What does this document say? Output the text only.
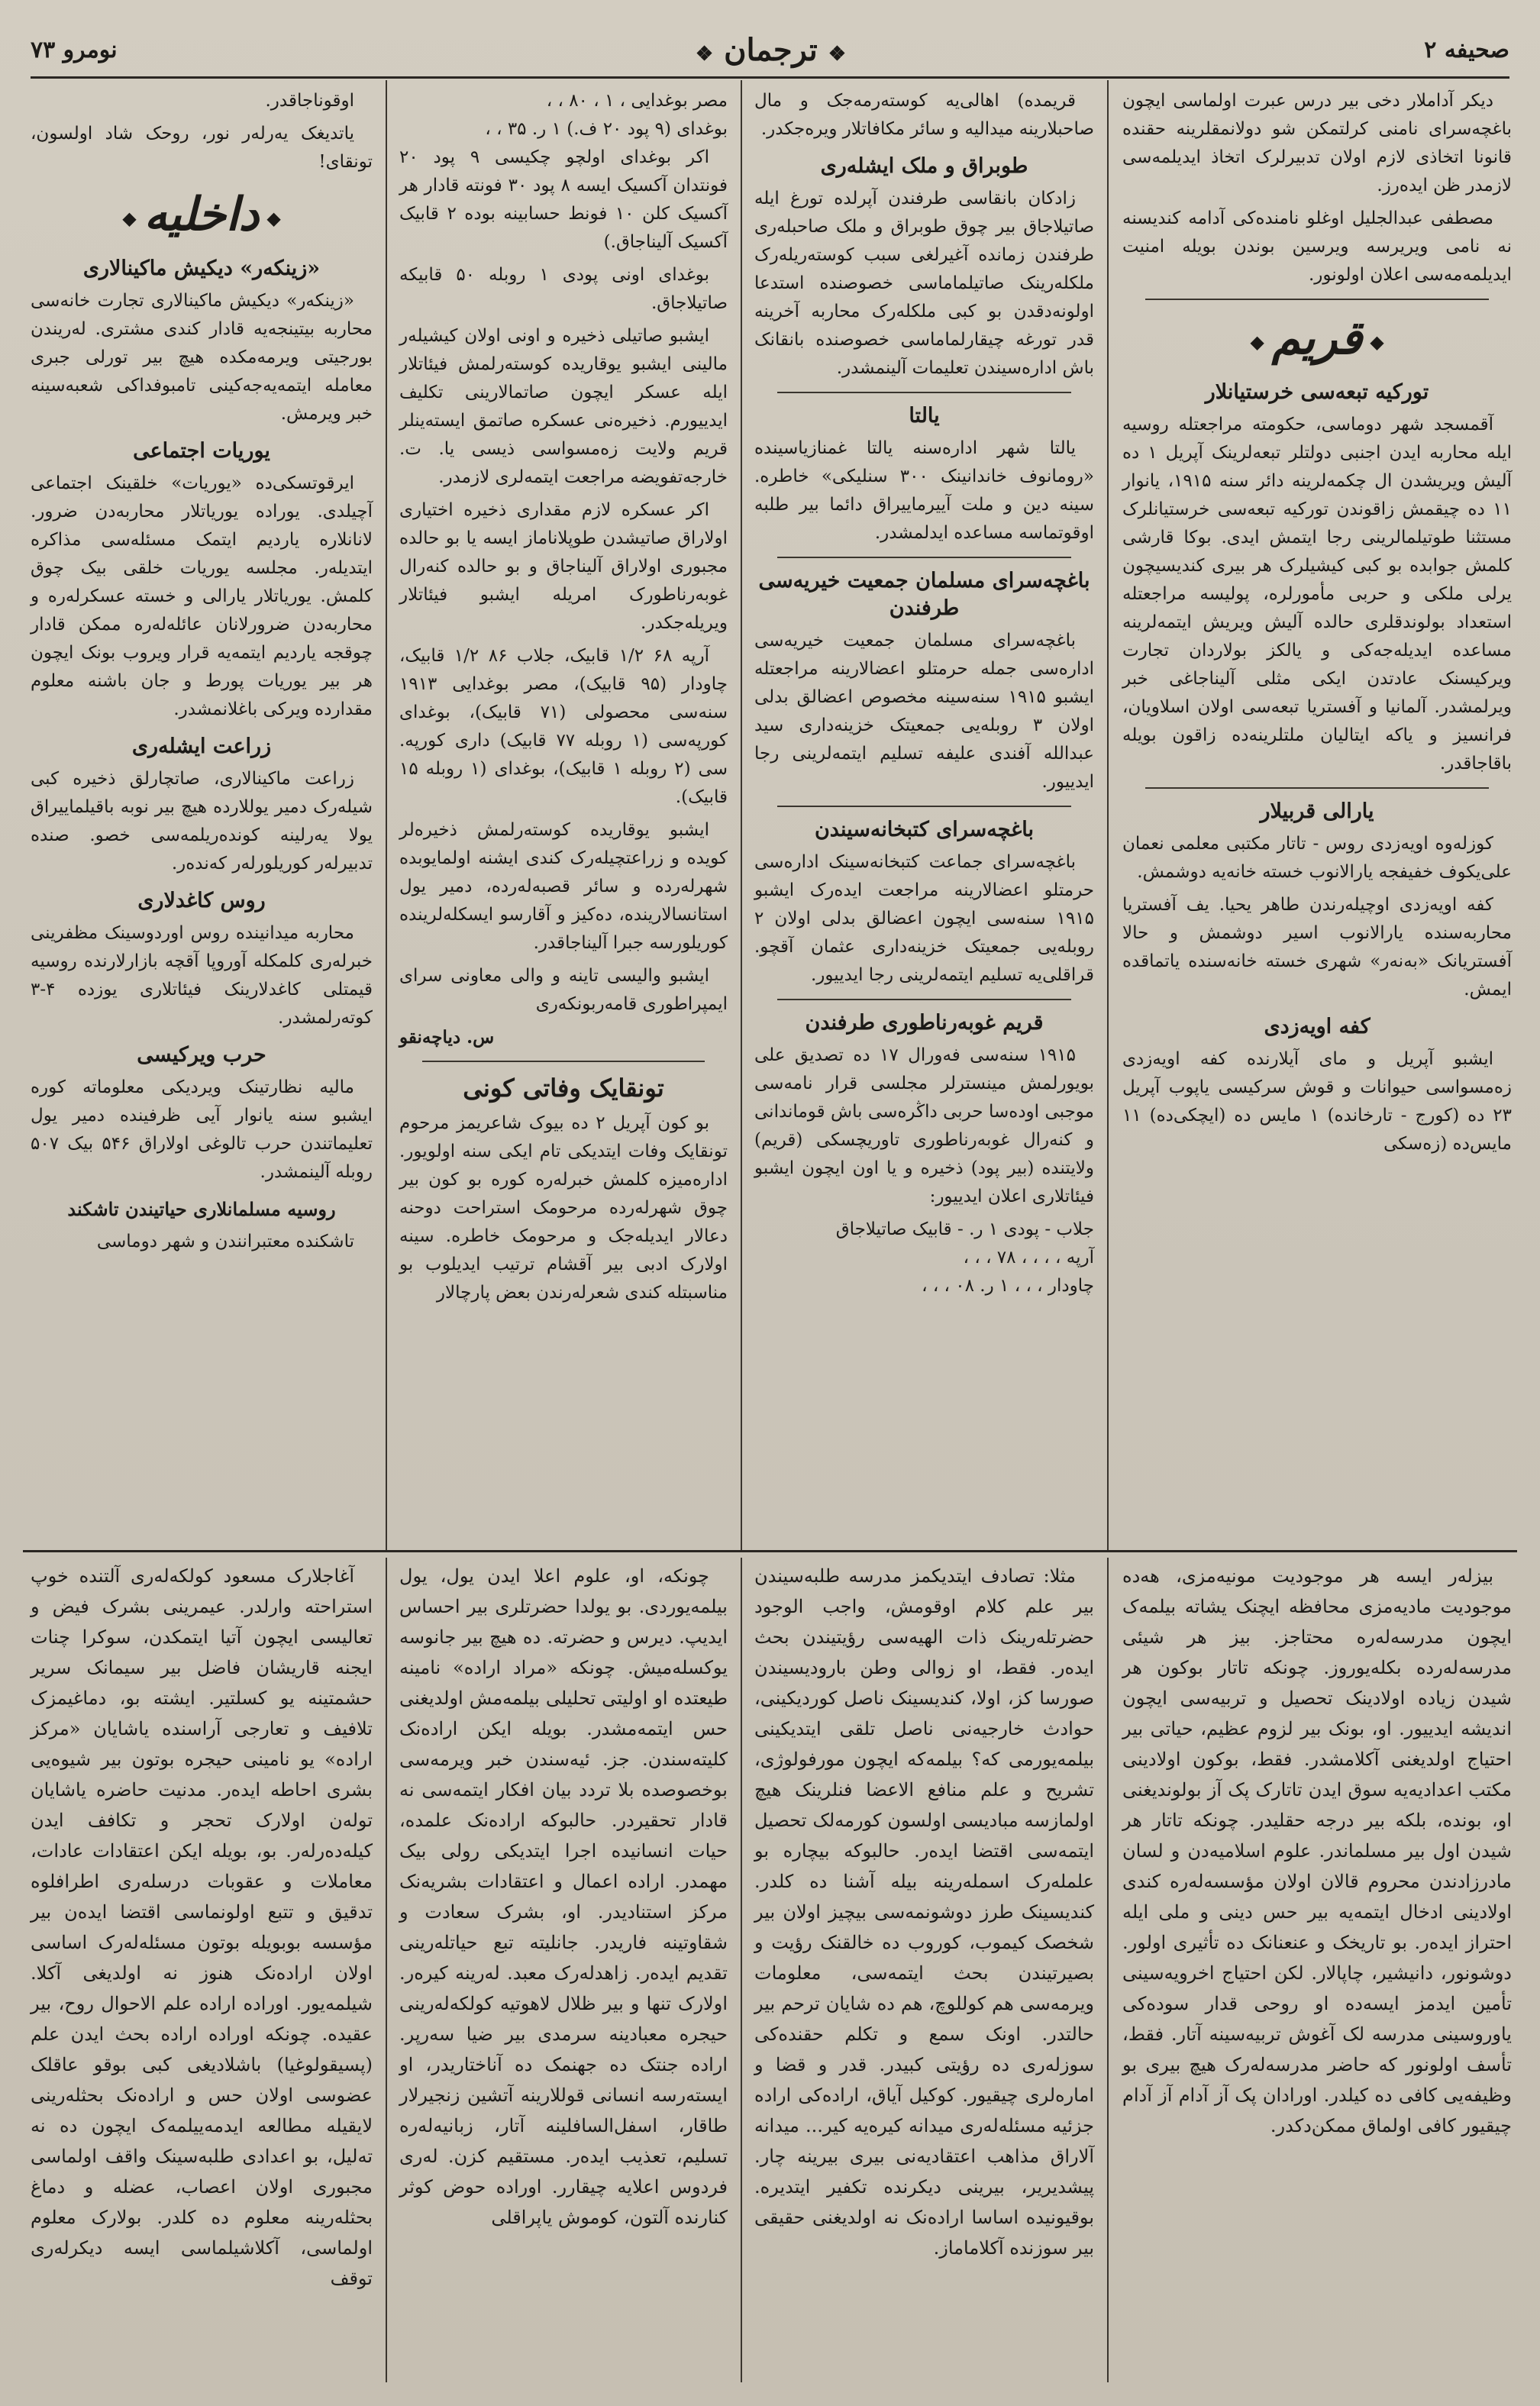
صحیفه ۲
❖ ترجمان ❖
نومرو ۷۳

دیکر آداملار دخی بیر درس عبرت اولماسی ایچون باغچه‌سرای نامنی کرلتمکن شو دولانمقلرینه حقنده قانونا اتخاذی لازم اولان تدبیرلرک اتخاذ ایدیلمه‌سی لازمدر ظن ایدەرز.

مصطفی عبدالجلیل اوغلو نامنده‌کی آدامه کندیسنه نه نامی ویریرسه ویرسین بوندن بویله امنیت ایدیلمه‌مه‌سی اعلان اولونور.

◆ قریم ◆
تورکیه تبعه‌سی خرستیانلار

آقمسجد شهر دوماسی، حکومته مراجعتله روسیه ایله محاربه ایدن اجنبی دولتلر تبعه‌لرینک آپریل ۱ دە آلیش ویریشدن ال چکمه‌لرینه دائر سنه ۱۹۱۵، یانوار ۱۱ دە چیقمش زاقوندن تورکیه تبعه‌سی خرستیانلرک مستثنا طوتیلمالرینی رجا ایتمش ایدی. بوکا قارشی کلمش جوابده بو کبی کیشیلرک هر بیری کندیسیچون یرلی ملکی و حربی مأمورلره، پولیسه مراجعتله استعداد بولوندقلری حالده آلیش ویریش ایتمه‌لرینه مساعده ایدیله‌جه‌کی و یالکز بولاردان تجارت ویرکیسنک عادتدن ایکی مثلی آلیناجاغی خبر ویرلمشدر. آلمانیا و آفستریا تبعه‌سی اولان اسلاویان، فرانسیز و یاکه ایتالیان ملتلرینه‌ده زاقون بویله باقاجاقدر.

یارالی قربیلار

کوزلەوە اویەزدی روس - تاتار مکتبی معلمی نعمان علی‌یکوف خفیفجه یارالانوب خسته خانه‌یه دوشمش.

کفه اویەزدی اوچیلەرندن طاهر یحیا. یف آفستریا محاربه‌سنده یارالانوب اسیر دوشمش و حالا آفستریانک «بەنەر» شهری خسته خانه‌سنده یاتماقده ایمش.

کفه اویەزدی

ایشبو آپریل و مای آیلارنده کفه اویەزدی زەمسواسی حیوانات و قوش سرکیسی یاپوب آپریل ۲۳ دە (کورج - تارخانده) ۱ مایس دە (ایچکی‌دە) ۱۱ مایس‌دە (زەسکی

قریمده) اهالی‌یه کوسته‌رمەجک و مال صاحبلارینه میدالیه و سائر مکافاتلار ویرەجکدر.

طوبراق و ملک ایشلەری

زادکان بانقاسی طرفندن آپرلده تورغ ایله صاتیلاجاق بیر چوق طوبراق و ملک صاحبلەری طرفندن زمانده آغیرلغی سبب کوسته‌ریله‌رک ملکلەرینک صاتیلماماسی خصوصنده استدعا اولونەدقدن بو کبی ملکلەرک محاربه آخرینه قدر تورغه چیقارلماماسی خصوصنده بانقانک باش ادارەسیندن تعلیمات آلینمشدر.

یالتا

یالتا شهر ادارەسنه یالتا غمنازیاسینده «رومانوف خاندانینک ۳۰۰ سنلیکی» خاطرە. سینه دین و ملت آییرماییراق دائما بیر طلبه اوقوتماسه مساعده ایدلمشدر.

باغچه‌سرای مسلمان جمعیت خیریه‌سی طرفندن

باغچه‌سرای مسلمان جمعیت خیریه‌سی ادارەسی جمله حرمتلو اعضالارینه مراجعتله ایشبو ۱۹۱۵ سنه‌سینه مخصوص اعضالق بدلی اولان ۳ روبله‌یی جمعیتک خزینه‌داری سید عبدالله آفندی علیفه تسلیم ایتمه‌لرینی رجا ایدییور.

باغچه‌سرای کتبخانه‌سیندن

باغچه‌سرای جماعت کتبخانه‌سینک ادارەسی حرمتلو اعضالارینه مراجعت ایده‌رک ایشبو ۱۹۱۵ سنه‌سی ایچون اعضالق بدلی اولان ۲ روبله‌یی جمعیتک خزینه‌داری عثمان آقچو. قراقلی‌یه تسلیم ایتمه‌لرینی رجا ایدییور.

قریم غوبەرناطوری طرفندن

۱۹۱۵ سنه‌سی فەورال ۱۷ دە تصدیق علی بویورلمش مینسترلر مجلسی قرار نامه‌سی موجبی اودەسا حربی داڭرەسی باش قوماندانی و کنەرال غوبەرناطوری تاوریچسکی (قریم) ولایتنده (بیر پود) ذخیره و یا اون ایچون ایشبو فیئاتلاری اعلان ایدییور:

جلاب - پودی ۱ ر. - قابیک صاتیلاجاق
آرپه ، ، ، ، ۷۸ ، ، ،
چاودار ، ، ، ۱ ر. ۰۸ ، ، ،
مصر بوغدایی ، ۱ ، ۸۰ ، ،
بوغدای (۹ پود ۲۰ ف.) ۱ ر. ۳۵ ، ،

اکر بوغدای اولچو چکیسی ۹ پود ۲۰ فونتدان آکسیک ایسه ۸ پود ۳۰ فونته قادار هر آکسیک کلن ۱۰ فونط حسابینه بوده ۲ قابیک آکسیک آلیناجاق.)

بوغدای اونی پودی ۱ روبله ۵۰ قابیکه صاتیلاجاق.

ایشبو صاتیلی ذخیره و اونی اولان کیشیلەر مالینی ایشبو یوقاریده کوستەرلمش فیئاتلار ایله عسکر ایچون صاتمالارینی تکلیف ایدییورم. ذخیره‌نی عسکره صاتمق ایستەینلر قریم ولایت زەمسواسی ذیسی یا. ت. خارجه‌تفویضه مراجعت ایتمه‌لری لازمدر.

اکر عسکره لازم مقداری ذخیره اختیاری اولاراق صاتیشدن طوپلاناماز ایسه یا بو حالده مجبوری اولاراق آلیناجاق و بو حالده کنەرال غوبەرناطورک امریله ایشبو فیئاتلار ویریله‌جکدر.

آرپه ۶۸ ۱/۲ قابیک، جلاب ۸۶ ۱/۲ قابیک، چاودار (۹۵ قابیک)، مصر بوغدایی ۱۹۱۳ سنه‌سی محصولی (۷۱ قابیک)، بوغدای کورپه‌سی (۱ روبله ۷۷ قابیک) داری کورپه. سی (۲ روبله ۱ قابیک)، بوغدای (۱ روبله ۱۵ قابیک).

ایشبو یوقاریده کوستەرلمش ذخیرەلر کویده و زراعتچیلەرک کندی ایشنه اولمایوبده شهرلەرده و سائر قصبه‌لەرده، دمیر یول استانسالارینده، دەکیز و آقارسو ایسکله‌لرینده کوریلورسه جبرا آلیناجاقدر.

ایشبو والیسی تاینه و والی معاونی سرای ایمپراطوری قامەربونکەری

س. دیاچه‌نقو
تونقایک وفاتی کونی

بو کون آپریل ۲ دە بیوک شاعریمز مرحوم تونقایک وفات ایتدیکی تام ایکی سنه اولویور. ادارەمیزه کلمش خبرلەره کورە بو کون بیر چوق شهرلەرده مرحومک استراحت دوحنه دعالار ایدیله‌جک و مرحومک خاطرە. سینه اولارک ادبی بیر آقشام ترتیب ایدیلوب بو مناسبتله کندی شعرلەرندن بعض پارچالار

اوقوناجاقدر.

یاتدیغک یەرلەر نور، روحک شاد اولسون، تونقای!

◆ داخلیه ◆
«زینکەر» دیکیش ماکینالاری

«زینکەر» دیکیش ماکینالاری تجارت خانه‌سی محاربه بیتینجەیه قادار کندی مشتری. لەریندن بورجیتی ویرمه‌مکده هیچ بیر تورلی جبری معامله ایتمه‌یه‌جه‌کینی تامبوفداکی شعبه‌سینه خبر ویرمش.

یوریات اجتماعی

ایرقوتسکی‌دە «یوریات» خلقینک اجتماعی آچیلدی. یورادە یوریاتلار محاربەدن ضرور. لانانلاره یاردیم ایتمک مسئله‌سی مذاکره ایتدیلەر. مجلسه یوریات خلقی بیک چوق کلمش. یوریاتلار یارالی و خسته عسکرلەره و محاربەدن ضرورلانان عائله‌لەره ممکن قادار چوقجه یاردیم ایتمه‌یه قرار ویروب بونک ایچون هر بیر یوریات پورط و جان باشنه معلوم مقدارده ویرکی باغلانمشدر.

زراعت ایشلەری

زراعت ماکینالاری، صاتچارلق ذخیره کبی شیلەرک دمیر یوللارده هیچ بیر نوبه باقیلماییراق یولا یەرلینه کوندەریلمه‌سی خصو. صنده تدبیرلەر کوریلورلەر کەندەر.

روس کاغدلاری

محاربه میدانینده روس اوردوسینک مظفرینی خبرلەری کلمکله آوروپا آقچه بازارلارنده روسیه قیمتلی کاغدلارینک فیئاتلاری یوزده ۴-۳ کوتەرلمشدر.

حرب ویرکیسی

مالیه نظارتینک ویردیکی معلوماته کوره ایشبو سنه یانوار آیی ظرفینده دمیر یول تعلیماتندن حرب تالوغی اولاراق ۵۴۶ بیک ۵۰۷ روبله آلینمشدر.

روسیه مسلمانلاری حیاتیندن تاشکند

تاشکنده معتبرانندن و شهر دوماسی

بیزلەر ایسه هر موجودیت مونیه‌مزی، هەده موجودیت مادیه‌مزی محافظه ایچنک یشاته بیلمه‌ک ایچون مدرسه‌لەره محتاجز. بیز هر شیئی مدرسه‌لەرده بکله‌یوروز. چونکه تاتار بوکون هر شیدن زیاده اولادینک تحصیل و تربیه‌سی ایچون اندیشه ایدییور. او، بونک بیر لزوم عظیم، حیاتی بیر احتیاج اولدیغنی آکلامشدر. فقط، بوکون اولادینی مکتب اعدادیه‌یه سوق ایدن تاتارک پک آز بولوندیغنی او، بونده، بلکه بیر درجه حقلیدر. چونکه تاتار هر شیدن اول بیر مسلماندر. علوم اسلامیه‌دن و لسان مادرزادندن محروم قالان اولان مؤسسه‌لەره کندی اولادینی ادخال ایتمه‌یه بیر حس دینی و ملی ایله احتراز ایدەر. بو تاریخک و عنعنانک ده تأثیری اولور. دوشونور، دانیشیر، چاپالار. لکن احتیاج اخرویه‌سینی تأمین ایدمز ایسه‌ده او روحی قدار سوده‌کی یاوروسینی مدرسه لک آغوش تربیه‌سینه آتار. فقط، تأسف اولونور که حاضر مدرسه‌لەرک هیچ بیری بو وظیفه‌یی کافی ده کیلدر. اورادان پک آز آدام آز آدام چیقیور کافی اولماق ممکن‌دکدر.

مثلا: تصادف ایتدیکمز مدرسه طلبه‌سیندن بیر علم کلام اوقومش، واجب الوجود حضرتلەرینک ذات الهیه‌سی رؤیتیندن بحث ایدەر. فقط، او زوالی وطن بارودیسیندن صورسا کز، اولا، کندیسینک ناصل کوردیکینی، حوادث خارجیه‌نی ناصل تلقی ایتدیکینی بیلمه‌یورمی که؟ بیلمه‌که ایچون مورفولوژی، تشریح و علم منافع الاعضا فنلرینک هیچ اولمازسه مبادیسی اولسون کورمه‌لک تحصیل ایتمه‌سی اقتضا ایدەر. حالبوکه بیچاره بو علملەرک اسملەرینه بیله آشنا ده کلدر. کندیسینک طرز دوشونمه‌سی بیچیز اولان بیر شخصک کیموب، کوروب ده خالقنک رؤیت و بصیرتیندن بحث ایتمه‌سی، معلومات ویرمه‌سی هم کوللوچ، هم ده شایان ترحم بیر حالتدر. اونک سمع و تکلم حقنده‌کی سوزلەری ده رؤیتی کبیدر. قدر و قضا و اماره‌لری چیقیور. کوکیل آیاق، اراده‌کی اراده جزئیه مسئله‌لەری میدانه کیرە‌یه کیر... میدانه آلاراق مذاهب اعتقادیه‌نی بیری بیرینه چار. پیشدیریر، بیرینی دیکرنده تکفیر ایتدیرە. بوقیونیده اساسا ارادەنک نه اولدیغنی حقیقی بیر سوزنده آکلاماماز.

چونکه، او، علوم اعلا ایدن یول، یول بیلمه‌یوردی. بو یولدا حضرتلری بیر احساس ایدیپ. دیرس و حضرته. ده هیچ بیر جانوسه یوکسلەمیش. چونکه «مراد اراده» نامینه طیعتده او اولیتی تحلیلی بیلمەمش اولدیغنی حس ایتمه‌مشدر. بویله ایکن ارادەنک کلیته‌سندن. جز. ئیه‌سندن خبر ویرمه‌سی بوخصوصده بلا تردد بیان افکار ایتمه‌سی نه قادار تحقیردر. حالبوکه ارادەنک علمده، حیات انسانیده اجرا ایتدیکی رولی بیک مهمدر. اراده اعمال و اعتقادات بشریه‌نک مرکز استنادیدر. او، بشرک سعادت و شقاوتینه فاریدر. جانلیته تبع حیاتلەرینی تقدیم ایدەر. زاهدلەرک معبد. لەرینه کیرەر. اولارک تنها و بیر ظلال لاهوتیه کولکه‌لەرینی حیجره معبادینه سرمدی بیر ضیا سەرپر. اراده جنتک ده جهنمک ده آناختاریدر، او ایستەرسه انسانی قوللارینه آتشین زنجیرلار طاقار، اسفل‌السافلینه آتار، زبانیه‌لەره تسلیم، تعذیب ایدەر. مستقیم کزن. لەری فردوس اعلایه چیقارر. اورادە حوض کوثر کنارنده آلتون، کوموش یاپراقلی

آغاجلارک مسعود کولکه‌لەری آلتنده خوپ استراحته وارلدر. عیمرینی بشرک فیض و تعالیسی ایچون آتیا ایتمکدن، سوکرا چنات ایجنه قاریشان فاضل بیر سیمانک سریر حشمتینه یو کسلتیر. ایشته بو، دماغیمزک تلافیف و تعارجی آراسنده یاشایان «مرکز اراده» یو نامینی حیجره بوتون بیر شیوەیی بشری احاطه ایدەر. مدنیت حاضره یاشایان تولەن اولارک تحجر و تکافف ایدن کیله‌ده‌رلەر. بو، بویله ایکن اعتقادات عادات، معاملات و عقوبات درسلەری اطرافلوه تدقیق و تتبع اولونماسی اقتضا ایدەن بیر مؤسسه بوبویله بوتون مسئله‌لەرک اساسی اولان ارادەنک هنوز نه اولدیغی آکلا. شیلمه‌یور. اورادە اراده علم الاحوال روح، بیر عقیده. چونکه اورادە اراده بحث ایدن علم (پسیقولوغیا) باشلادیغی کبی بوقو عاقلک عضوسی اولان حس و ارادەنک بحثلەرینی لایقیله مطالعه ایدمه‌ییلمه‌ک ایچون ده نه ته‌لیل، بو اعدادی طلبه‌سینک واقف اولماسی مجبوری اولان اعصاب، عضله و دماغ بحثلەرینه معلوم ده کلدر. بولارک معلوم اولماسی، آکلاشیلماسی ایسه دیکرلەری توقف
